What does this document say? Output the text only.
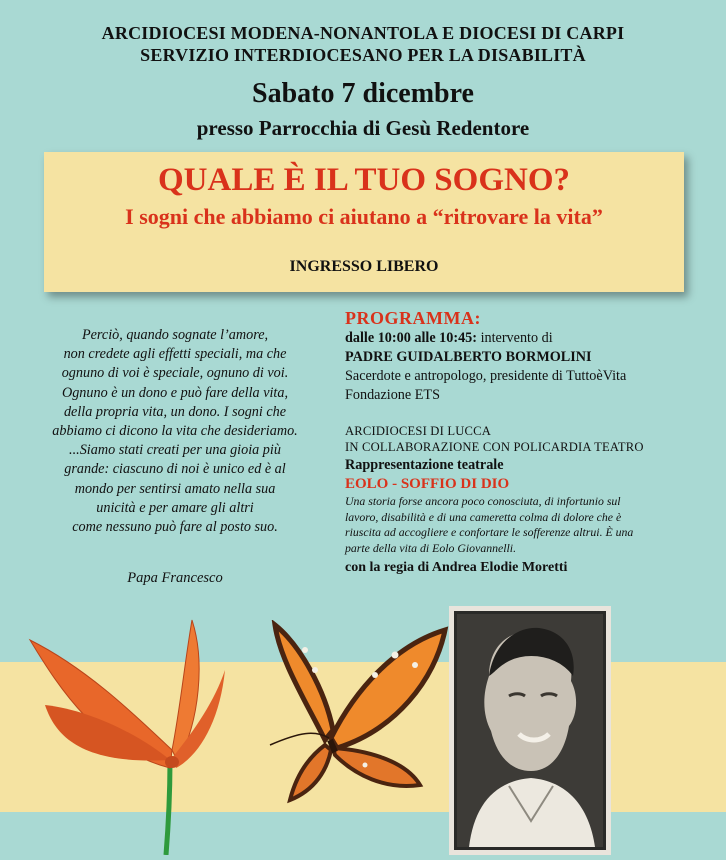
ARCIDIOCESI MODENA-NONANTOLA E DIOCESI DI CARPI
SERVIZIO INTERDIOCESANO PER LA DISABILITÀ
Sabato 7 dicembre
presso Parrocchia di Gesù Redentore
QUALE È IL TUO SOGNO?
I sogni che abbiamo ci aiutano a “ritrovare la vita”
INGRESSO LIBERO
Perciò, quando sognate l’amore,
non credete agli effetti speciali, ma che
ognuno di voi è speciale, ognuno di voi.
Ognuno è un dono e può fare della vita,
della propria vita, un dono. I sogni che
abbiamo ci dicono la vita che desideriamo.
...Siamo stati creati per una gioia più
grande: ciascuno di noi è unico ed è al
mondo per sentirsi amato nella sua
unicità e per amare gli altri
come nessuno può fare al posto suo.
Papa Francesco
PROGRAMMA:
dalle 10:00 alle 10:45: intervento di
PADRE GUIDALBERTO BORMOLINI
Sacerdote e antropologo, presidente di TuttoèVita
Fondazione ETS
ARCIDIOCESI DI LUCCA
IN COLLABORAZIONE CON POLICARDIA TEATRO
Rappresentazione teatrale
EOLO - SOFFIO DI DIO
Una storia forse ancora poco conosciuta, di infortunio sul
lavoro, disabilità e di una cameretta colma di dolore che è
riuscita ad accogliere e confortare le sofferenze altrui. È una
parte della vita di Eolo Giovannelli.
con la regia di Andrea Elodie Moretti
